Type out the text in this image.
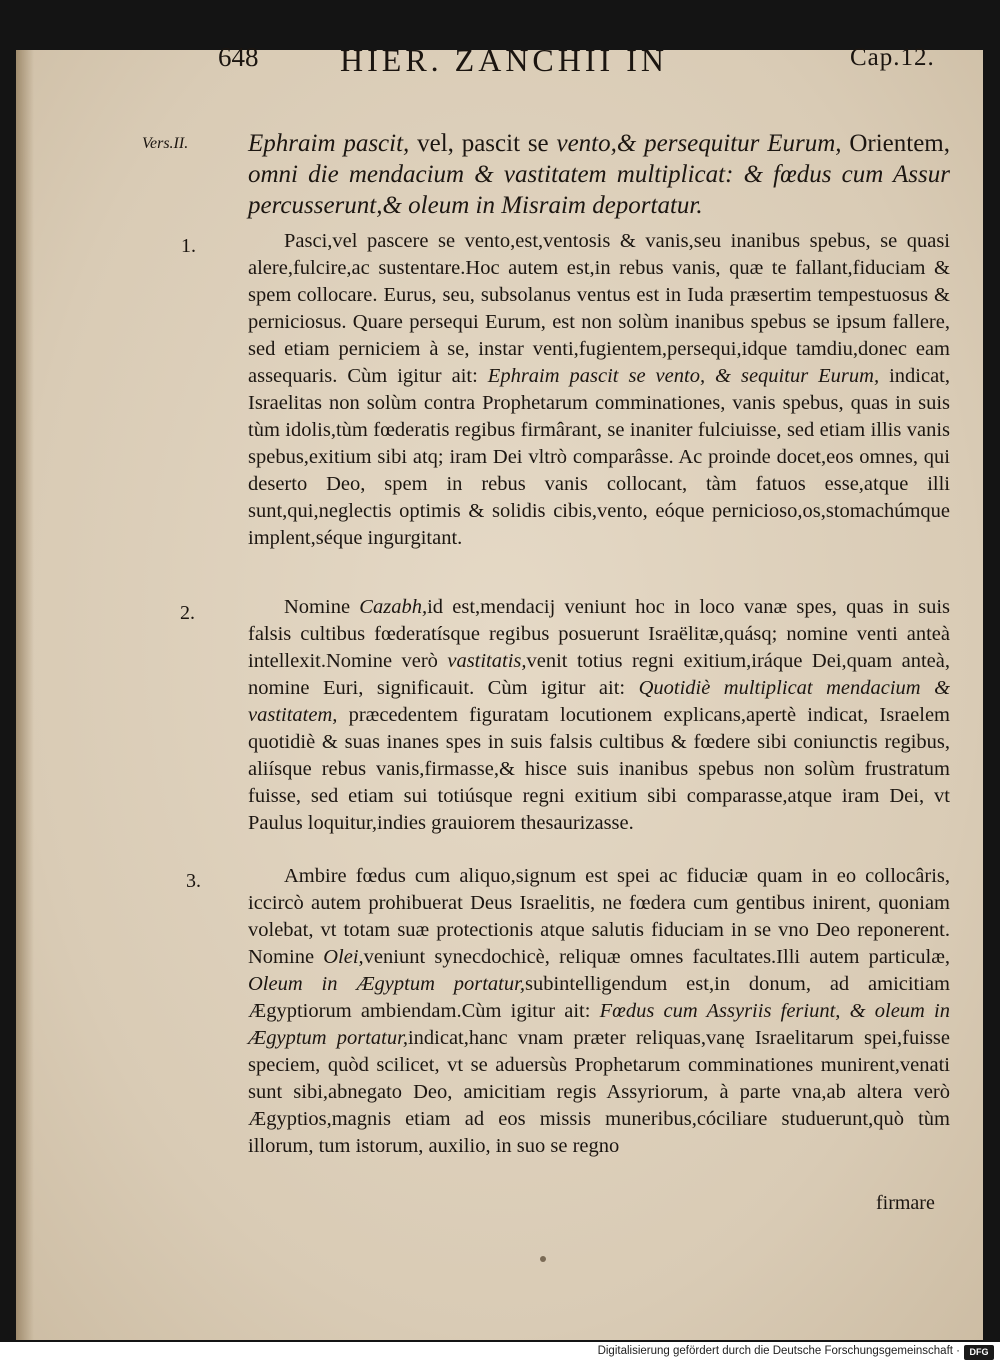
648	HIER. ZANCHII IN	Cap.12.
Vers.II.
1.
2.
3.

Ephraim pascit, vel, pascit se vento,& persequitur Eurum, Orientem, omni die mendacium & vastitatem multiplicat: & fœdus cum Assur percusserunt,& oleum in Misraim deportatur.

Pasci,vel pascere se vento,est,ventosis & vanis,seu inanibus spebus, se quasi alere,fulcire,ac sustentare.Hoc autem est,in rebus vanis, quæ te fallant,fiduciam & spem collocare. Eurus, seu, subsolanus ventus est in Iuda præsertim tempestuosus & perniciosus. Quare persequi Eurum, est non solùm inanibus spebus se ipsum fallere, sed etiam perniciem à se, instar venti,fugientem,persequi,idque tamdiu,donec eam assequaris. Cùm igitur ait: Ephraim pascit se vento, & sequitur Eurum, indicat, Israelitas non solùm contra Prophetarum comminationes, vanis spebus, quas in suis tùm idolis,tùm fœderatis regibus firmârant, se inaniter fulciuisse, sed etiam illis vanis spebus,exitium sibi atq; iram Dei vltrò comparâsse. Ac proinde docet,eos omnes, qui deserto Deo, spem in rebus vanis collocant, tàm fatuos esse,atque illi sunt,qui,neglectis optimis & solidis cibis,vento, eóque pernicioso,os,stomachúmque implent,séque ingurgitant.

Nomine Cazabh,id est,mendacij veniunt hoc in loco vanæ spes, quas in suis falsis cultibus fœderatísque regibus posuerunt Israëlitæ,quásq; nomine venti anteà intellexit.Nomine verò vastitatis,venit totius regni exitium,iráque Dei,quam anteà, nomine Euri, significauit. Cùm igitur ait: Quotidiè multiplicat mendacium & vastitatem, præcedentem figuratam locutionem explicans,apertè indicat, Israelem quotidiè & suas inanes spes in suis falsis cultibus & fœdere sibi coniunctis regibus, aliísque rebus vanis,firmasse,& hisce suis inanibus spebus non solùm frustratum fuisse, sed etiam sui totiúsque regni exitium sibi comparasse,atque iram Dei, vt Paulus loquitur,indies grauiorem thesaurizasse.

Ambire fœdus cum aliquo,signum est spei ac fiduciæ quam in eo collocâris, iccircò autem prohibuerat Deus Israelitis, ne fœdera cum gentibus inirent, quoniam volebat, vt totam suæ protectionis atque salutis fiduciam in se vno Deo reponerent. Nomine Olei,veniunt synecdochicè, reliquæ omnes facultates.Illi autem particulæ, Oleum in Ægyptum portatur,subintelligendum est,in donum, ad amicitiam Ægyptiorum ambiendam.Cùm igitur ait: Fœdus cum Assyriis feriunt, & oleum in Ægyptum portatur,indicat,hanc vnam præter reliquas,vanę Israelitarum spei,fuisse speciem, quòd scilicet, vt se aduersùs Prophetarum comminationes munirent,venati sunt sibi,abnegato Deo, amicitiam regis Assyriorum, à parte vna,ab altera verò Ægyptios,magnis etiam ad eos missis muneribus,cóciliare studuerunt,quò tùm illorum, tum istorum, auxilio, in suo se regno

firmare
Digitalisierung gefördert durch die Deutsche Forschungsgemeinschaft ·	DFG
